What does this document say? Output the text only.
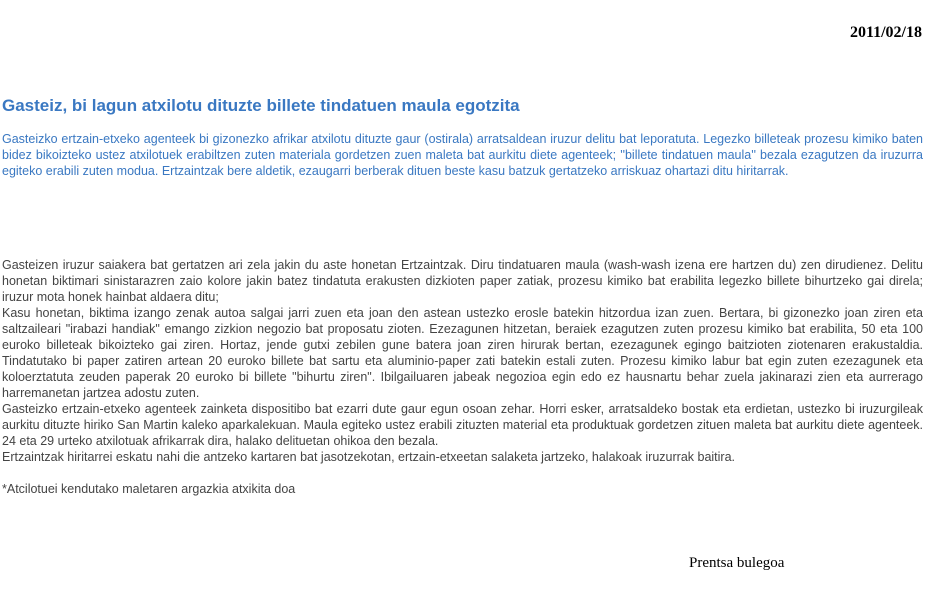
2011/02/18
Gasteiz, bi lagun atxilotu dituzte billete tindatuen maula egotzita

Gasteizko ertzain-etxeko agenteek bi gizonezko afrikar atxilotu dituzte gaur (ostirala) arratsaldean iruzur delitu bat leporatuta. Legezko billeteak prozesu kimiko baten bidez bikoizteko ustez atxilotuek erabiltzen zuten materiala gordetzen zuen maleta bat aurkitu diete agenteek; ''billete tindatuen maula'' bezala ezagutzen da iruzurra egiteko erabili zuten modua. Ertzaintzak bere aldetik, ezaugarri berberak dituen beste kasu batzuk gertatzeko arriskuaz ohartazi ditu hiritarrak.

Gasteizen iruzur saiakera bat gertatzen ari zela jakin du aste honetan Ertzaintzak. Diru tindatuaren maula (wash-wash izena ere hartzen du) zen dirudienez. Delitu honetan biktimari sinistarazren zaio kolore jakin batez tindatuta erakusten dizkioten paper zatiak, prozesu kimiko bat erabilita legezko billete bihurtzeko gai direla; iruzur mota honek hainbat aldaera ditu;

Kasu honetan, biktima izango zenak autoa salgai jarri zuen eta joan den astean ustezko erosle batekin hitzordua izan zuen. Bertara, bi gizonezko joan ziren eta saltzaileari "irabazi handiak" emango zizkion negozio bat proposatu zioten. Ezezagunen hitzetan, beraiek ezagutzen zuten prozesu kimiko bat erabilita, 50 eta 100 euroko billeteak bikoizteko gai ziren. Hortaz, jende gutxi zebilen gune batera joan ziren hirurak bertan, ezezagunek egingo baitzioten ziotenaren erakustaldia. Tindatutako bi paper zatiren artean 20 euroko billete bat sartu eta aluminio-paper zati batekin estali zuten. Prozesu kimiko labur bat egin zuten ezezagunek eta koloerztatuta zeuden paperak 20 euroko bi billete "bihurtu ziren". Ibilgailuaren jabeak negozioa egin edo ez hausnartu behar zuela jakinarazi zien eta aurrerago harremanetan jartzea adostu zuten.

Gasteizko ertzain-etxeko agenteek zainketa dispositibo bat ezarri dute gaur egun osoan zehar. Horri esker, arratsaldeko bostak eta erdietan, ustezko bi iruzurgileak aurkitu dituzte hiriko San Martin kaleko aparkalekuan. Maula egiteko ustez erabili zituzten material eta produktuak gordetzen zituen maleta bat aurkitu diete agenteek. 24 eta 29 urteko atxilotuak afrikarrak dira, halako delituetan ohikoa den bezala.

Ertzaintzak hiritarrei eskatu nahi die antzeko kartaren bat jasotzekotan, ertzain-etxeetan salaketa jartzeko, halakoak iruzurrak baitira.

*Atcilotuei kendutako maletaren argazkia atxikita doa

Prentsa bulegoa
